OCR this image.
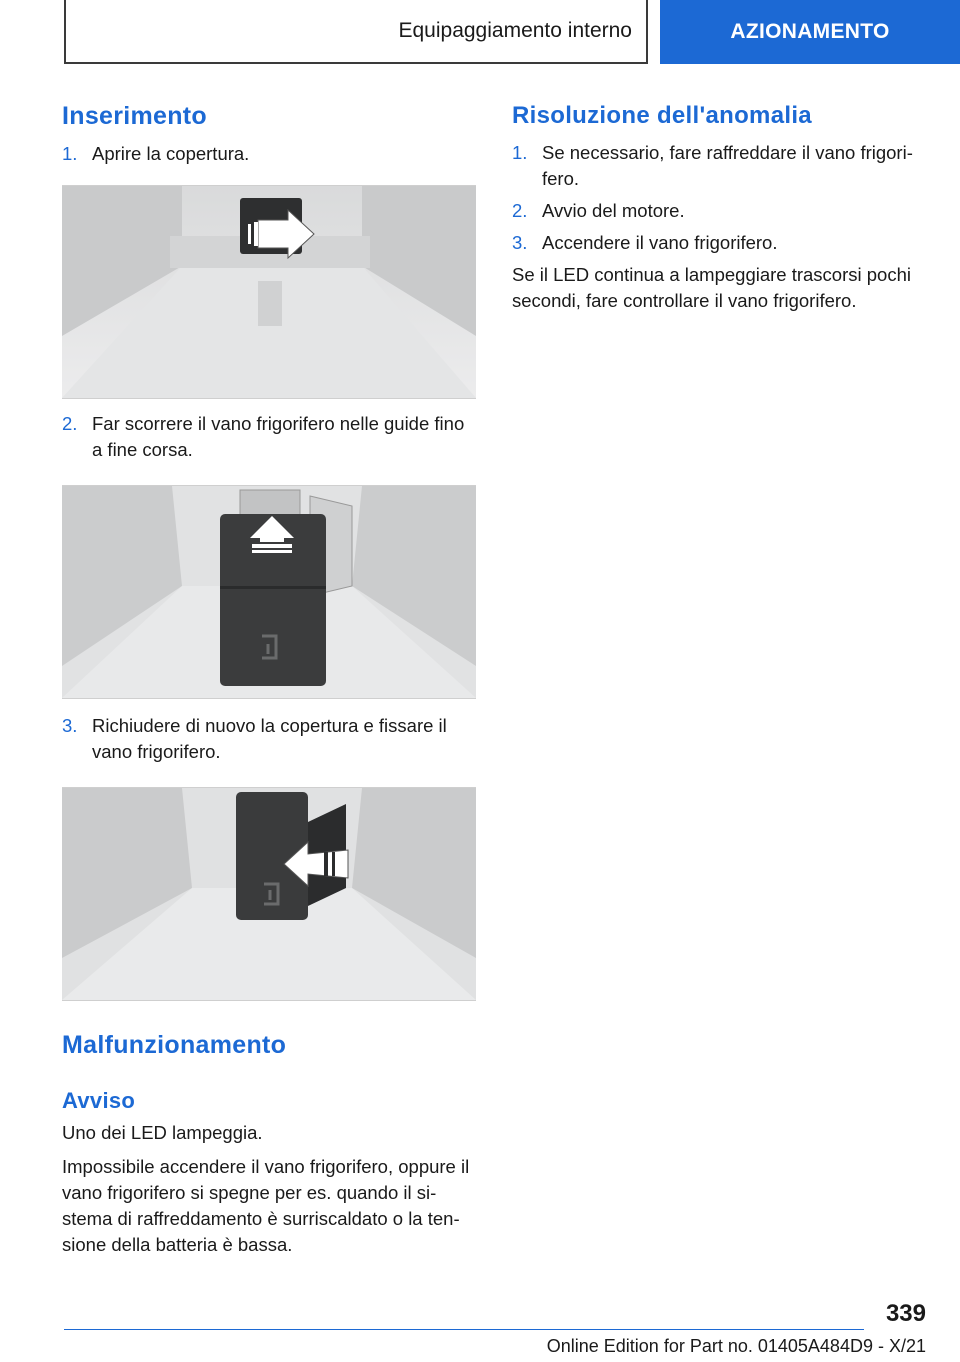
Equipaggiamento interno	AZIONAMENTO
Inserimento
1. Aprire la copertura.
2. Far scorrere il vano frigorifero nelle guide fino a fine corsa.
3. Richiudere di nuovo la copertura e fissare il vano frigorifero.
Malfunzionamento
Avviso

Uno dei LED lampeggia.

Impossibile accendere il vano frigorifero, oppure il vano frigorifero si spegne per es. quando il sistema di raffreddamento è surriscaldato o la tensione della batteria è bassa.

Risoluzione dell'anomalia
1. Se necessario, fare raffreddare il vano frigorifero.
2. Avvio del motore.
3. Accendere il vano frigorifero.

Se il LED continua a lampeggiare trascorsi pochi secondi, fare controllare il vano frigorifero.

339
Online Edition for Part no. 01405A484D9 - X/21
